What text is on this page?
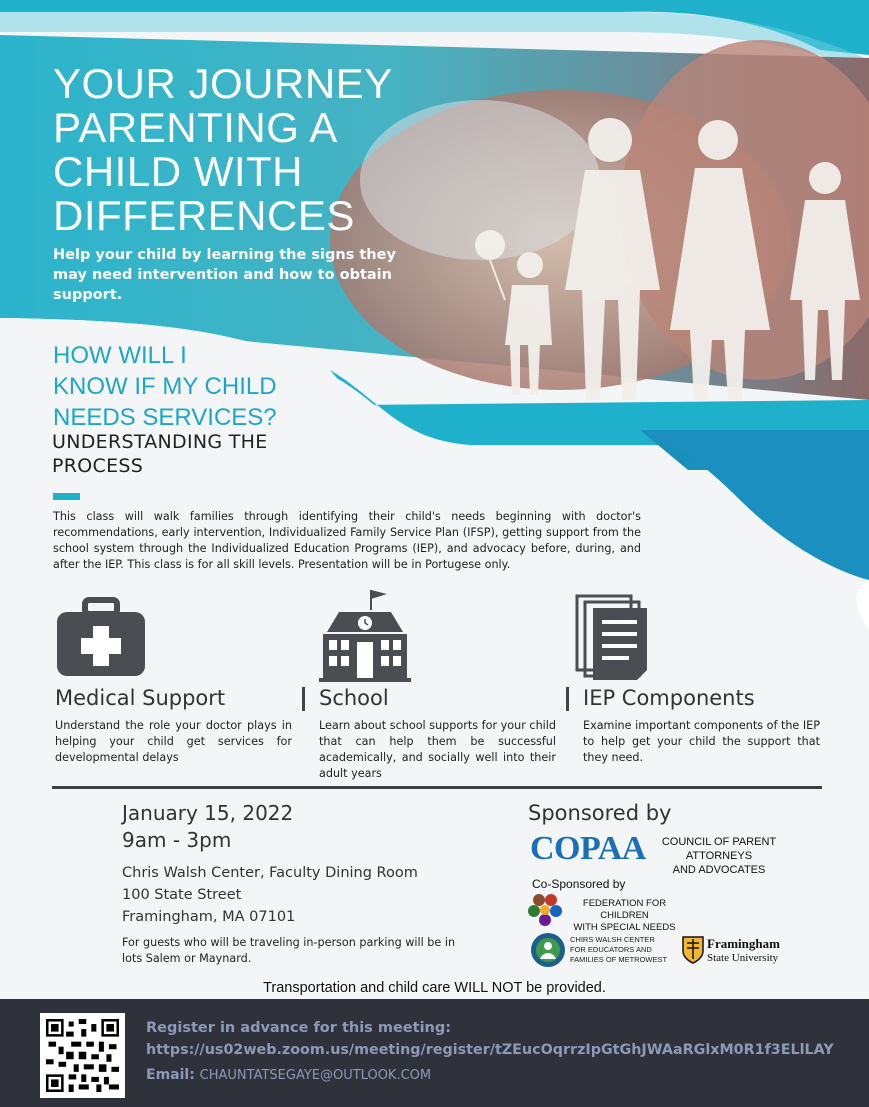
YOUR JOURNEY
PARENTING A
CHILD WITH
DIFFERENCES
Help your child by learning the signs they may need intervention and how to obtain support.
HOW WILL I
KNOW IF MY CHILD
NEEDS SERVICES?
UNDERSTANDING THE
PROCESS
This class will walk families through identifying their child's needs beginning with doctor's recommendations, early intervention, Individualized Family Service Plan (IFSP), getting support from the school system through the Individualized Education Programs (IEP), and advocacy before, during, and after the IEP. This class is for all skill levels. Presentation will be in Portugese only.
Medical Support
Understand the role your doctor plays in helping your child get services for developmental delays
School
Learn about school supports for your child that can help them be successful academically, and socially well into their adult years
IEP Components
Examine important components of the IEP to help get your child the support that they need.
January 15, 2022
9am - 3pm
Chris Walsh Center, Faculty Dining Room
100 State Street
Framingham, MA 07101
For guests who will be traveling in-person parking will be in lots Salem or Maynard.
Sponsored by
COPAA	COUNCIL OF PARENT ATTORNEYS
AND ADVOCATES
Co-Sponsored by
FEDERATION FOR CHILDREN
WITH SPECIAL NEEDS
CHIRS WALSH CENTER
FOR EDUCATORS AND
FAMILIES OF METROWEST
Framingham
State University
Transportation and child care WILL NOT be provided.
Register in advance for this meeting:
https://us02web.zoom.us/meeting/register/tZEucOqrrzIpGtGhJWAaRGlxM0R1f3ELlLAY
Email: CHAUNTATSEGAYE@OUTLOOK.COM
